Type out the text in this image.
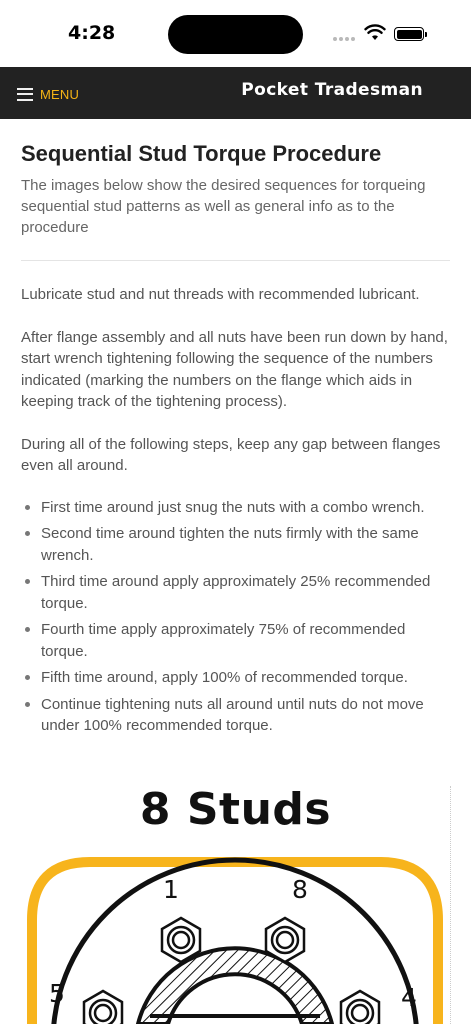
4:28
MENU	Pocket Tradesman
Sequential Stud Torque Procedure

The images below show the desired sequences for torqueing sequential stud patterns as well as general info as to the procedure

Lubricate stud and nut threads with recommended lubricant.

After flange assembly and all nuts have been run down by hand, start wrench tightening following the sequence of the numbers indicated (marking the numbers on the flange which aids in keeping track of the tightening process).

During all of the following steps, keep any gap between flanges even all around.

First time around just snug the nuts with a combo wrench.
Second time around tighten the nuts firmly with the same wrench.
Third time around apply approximately 25% recommended torque.
Fourth time apply approximately 75% of recommended torque.
Fifth time around, apply 100% of recommended torque.
Continue tightening nuts all around until nuts do not move under 100% recommended torque.
8 Studs
1	8
5	4
